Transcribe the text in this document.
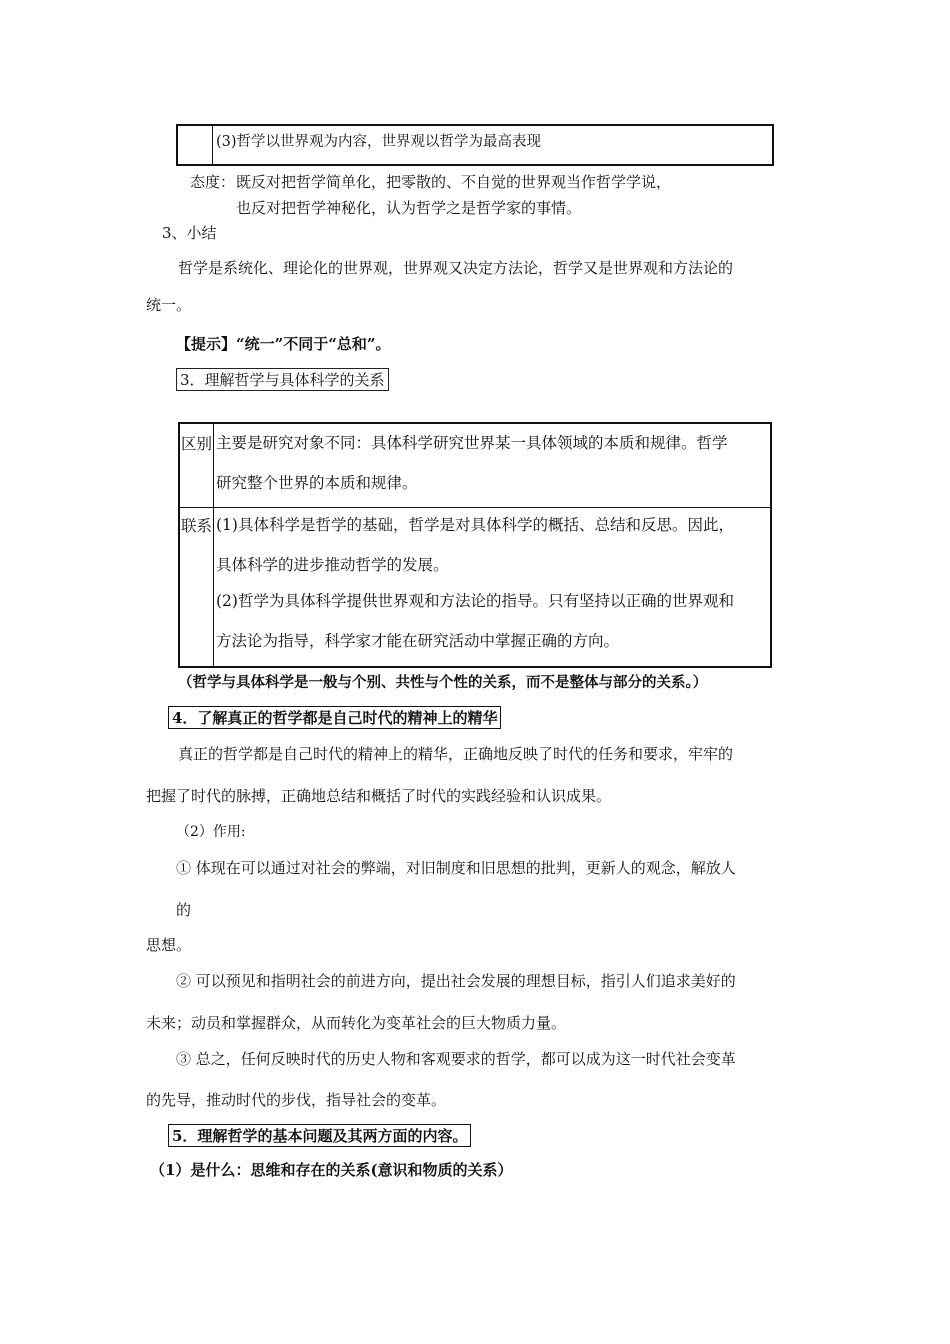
	(3)哲学以世界观为内容，世界观以哲学为最高表现
态度： 既反对把哲学简单化，把零散的、不自觉的世界观当作哲学学说，
也反对把哲学神秘化，认为哲学之是哲学家的事情。
3、小结
哲学是系统化、理论化的世界观，世界观又决定方法论，哲学又是世界观和方法论的
统一。
【提示】“统一”不同于“总和”。
3．理解哲学与具体科学的关系
区别	主要是研究对象不同：具体科学研究世界某一具体领域的本质和规律。哲学
研究整个世界的本质和规律。

联系	(1)具体科学是哲学的基础，哲学是对具体科学的概括、总结和反思。因此，
具体科学的进步推动哲学的发展。
(2)哲学为具体科学提供世界观和方法论的指导。只有坚持以正确的世界观和
方法论为指导，科学家才能在研究活动中掌握正确的方向。
（哲学与具体科学是一般与个别、共性与个性的关系，而不是整体与部分的关系。）
4．了解真正的哲学都是自己时代的精神上的精华
真正的哲学都是自己时代的精神上的精华，正确地反映了时代的任务和要求，牢牢的
把握了时代的脉搏，正确地总结和概括了时代的实践经验和认识成果。
（2）作用:
① 体现在可以通过对社会的弊端，对旧制度和旧思想的批判，更新人的观念，解放人
的
思想。
② 可以预见和指明社会的前进方向，提出社会发展的理想目标，指引人们追求美好的
未来；动员和掌握群众，从而转化为变革社会的巨大物质力量。
③ 总之，任何反映时代的历史人物和客观要求的哲学，都可以成为这一时代社会变革
的先导，推动时代的步伐，指导社会的变革。
5．理解哲学的基本问题及其两方面的内容。
（1）是什么：思维和存在的关系(意识和物质的关系）
